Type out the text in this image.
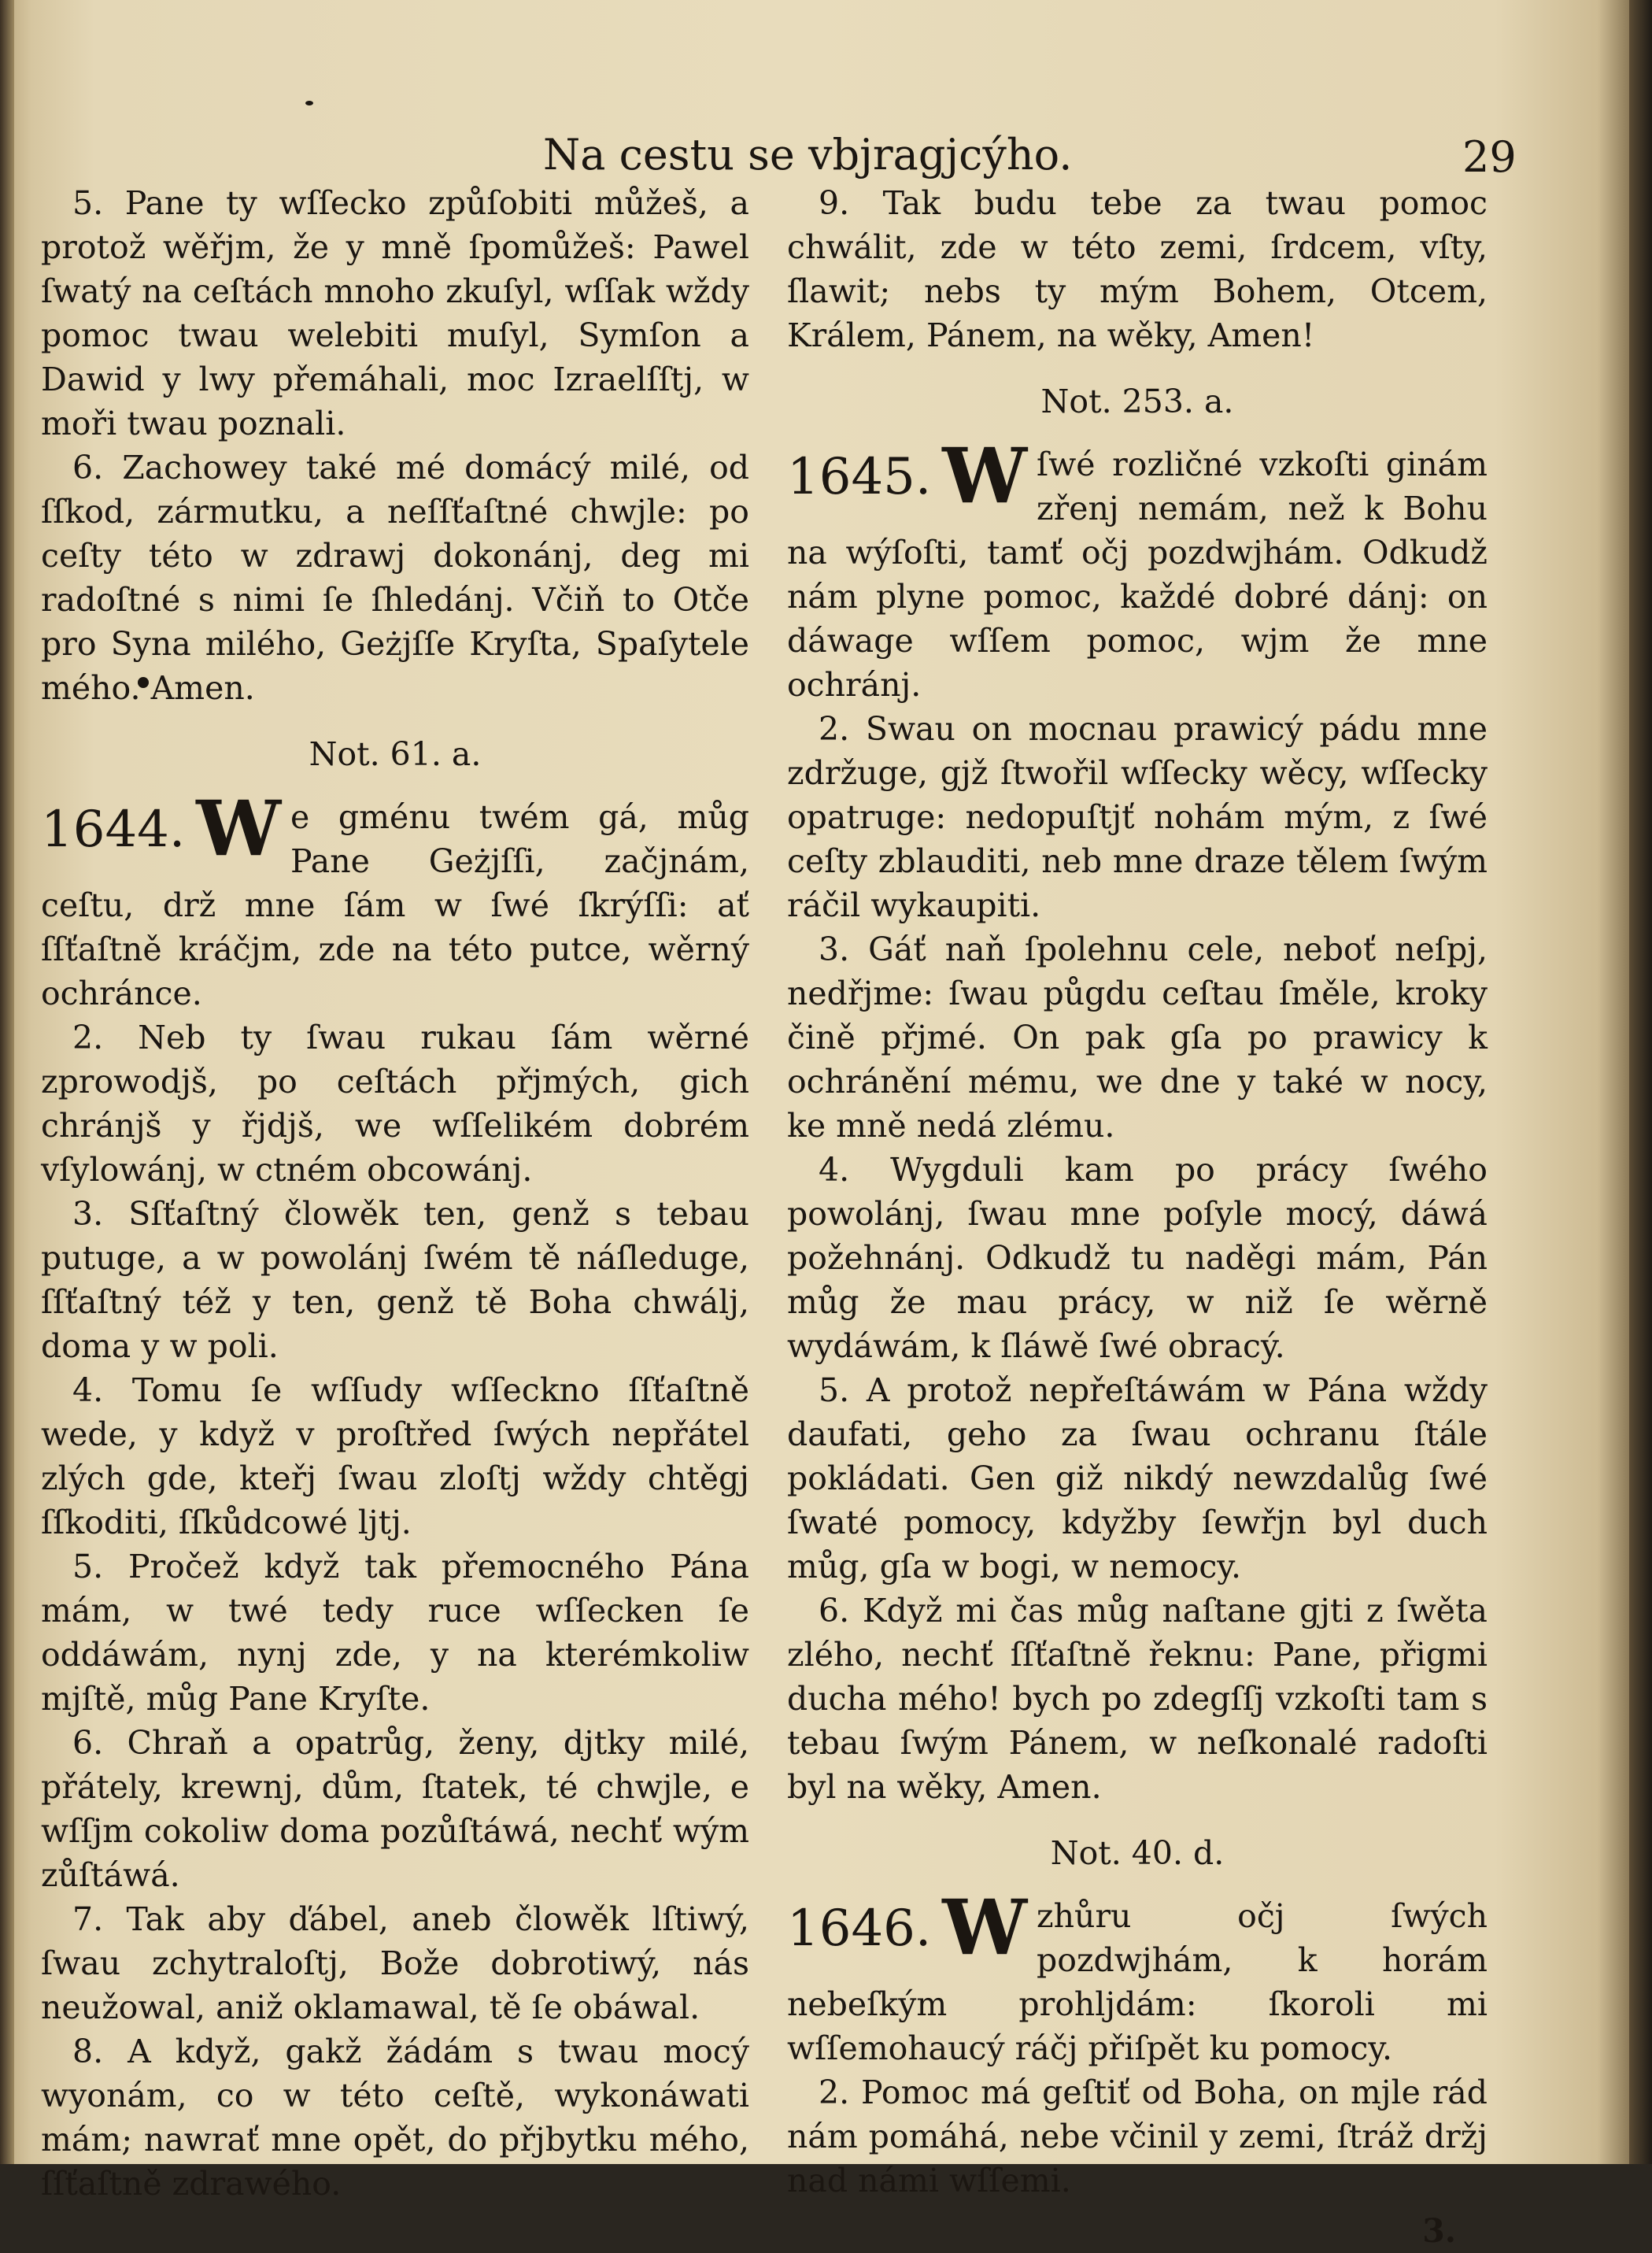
Na cestu se vbjragjcýho.	29

5. Pane ty wſſecko způſobiti můžeš, a protož wěřjm, že y mně ſpomůžeš: Pawel ſwatý na ceſtách mnoho zkuſyl, wſſak wždy pomoc twau welebiti muſyl, Symſon a Dawid y lwy přemáhali, moc Izraelſſtj, w moři twau poznali.

6. Zachowey také mé domácý milé, od ſſkod, zármutku, a neſſťaſtné chwjle: po ceſty této w zdrawj dokonánj, deg mi radoſtné s nimi ſe ſhledánj. Včiň to Otče pro Syna milého, Geżjſſe Kryſta, Spaſytele mého. Amen.

Not. 61. a.
1644. W e gménu twém gá, můg Pane Geżjſſi, začjnám, ceſtu, drž mne ſám w ſwé ſkrýſſi: ať ſſťaſtně kráčjm, zde na této putce, wěrný ochránce.

2. Neb ty ſwau rukau ſám wěrné zprowodjš, po ceſtách přjmých, gich chránjš y řjdjš, we wſſelikém dobrém vſylowánj, w ctném obcowánj.

3. Sſťaſtný člowěk ten, genž s tebau putuge, a w powolánj ſwém tě náſleduge, ſſťaſtný též y ten, genž tě Boha chwálj, doma y w poli.

4. Tomu ſe wſſudy wſſeckno ſſťaſtně wede, y když v proſtřed ſwých nepřátel zlých gde, kteřj ſwau zloſtj wždy chtěgj ſſkoditi, ſſkůdcowé ljtj.

5. Pročež když tak přemocného Pána mám, w twé tedy ruce wſſecken ſe oddáwám, nynj zde, y na kterémkoliw mjſtě, můg Pane Kryſte.

6. Chraň a opatrůg, ženy, djtky milé, přátely, krewnj, dům, ſtatek, té chwjle, e wſſjm cokoliw doma pozůſtáwá, nechť wým zůſtáwá.

7. Tak aby ďábel, aneb člowěk lſtiwý, ſwau zchytraloſtj, Bože dobrotiwý, nás neužowal, aniž oklamawal, tě ſe obáwal.

8. A když, gakž žádám s twau mocý wyonám, co w této ceſtě, wykonáwati mám; nawrať mne opět, do přjbytku mého, ſſťaſtně zdrawého.

9. Tak budu tebe za twau pomoc chwálit, zde w této zemi, ſrdcem, vſty, ſlawit; nebs ty mým Bohem, Otcem, Králem, Pánem, na wěky, Amen!

Not. 253. a.
1645. W ſwé rozličné vzkoſti ginám zřenj nemám, než k Bohu na wýſoſti, tamť očj pozdwjhám. Odkudž nám plyne pomoc, každé dobré dánj: on dáwage wſſem pomoc, wjm že mne ochránj.

2. Swau on mocnau prawicý pádu mne zdržuge, gjž ſtwořil wſſecky wěcy, wſſecky opatruge: nedopuſtjť nohám mým, z ſwé ceſty zblauditi, neb mne draze tělem ſwým ráčil wykaupiti.

3. Gáť naň ſpolehnu cele, neboť neſpj, nedřjme: ſwau půgdu ceſtau ſměle, kroky čině přjmé. On pak gſa po prawicy k ochránění mému, we dne y také w nocy, ke mně nedá zlému.

4. Wygduli kam po prácy ſwého powolánj, ſwau mne poſyle mocý, dáwá požehnánj. Odkudž tu naděgi mám, Pán můg že mau prácy, w niž ſe wěrně wydáwám, k ſláwě ſwé obracý.

5. A protož nepřeſtáwám w Pána wždy daufati, geho za ſwau ochranu ſtále pokládati. Gen giž nikdý newzdalůg ſwé ſwaté pomocy, kdyžby ſewřjn byl duch můg, gſa w bogi, w nemocy.

6. Když mi čas můg naſtane gjti z ſwěta zlého, nechť ſſťaſtně řeknu: Pane, přigmi ducha mého! bych po zdegſſj vzkoſti tam s tebau ſwým Pánem, w neſkonalé radoſti byl na wěky, Amen.

Not. 40. d.
1646. W zhůru očj ſwých pozdwjhám, k horám nebeſkým prohljdám: ſkoroli mi wſſemohaucý ráčj přiſpět ku pomocy.

2. Pomoc má geſtiť od Boha, on mjle rád nám pomáhá, nebe včinil y zemi, ſtráž držj nad námi wſſemi.

3.
